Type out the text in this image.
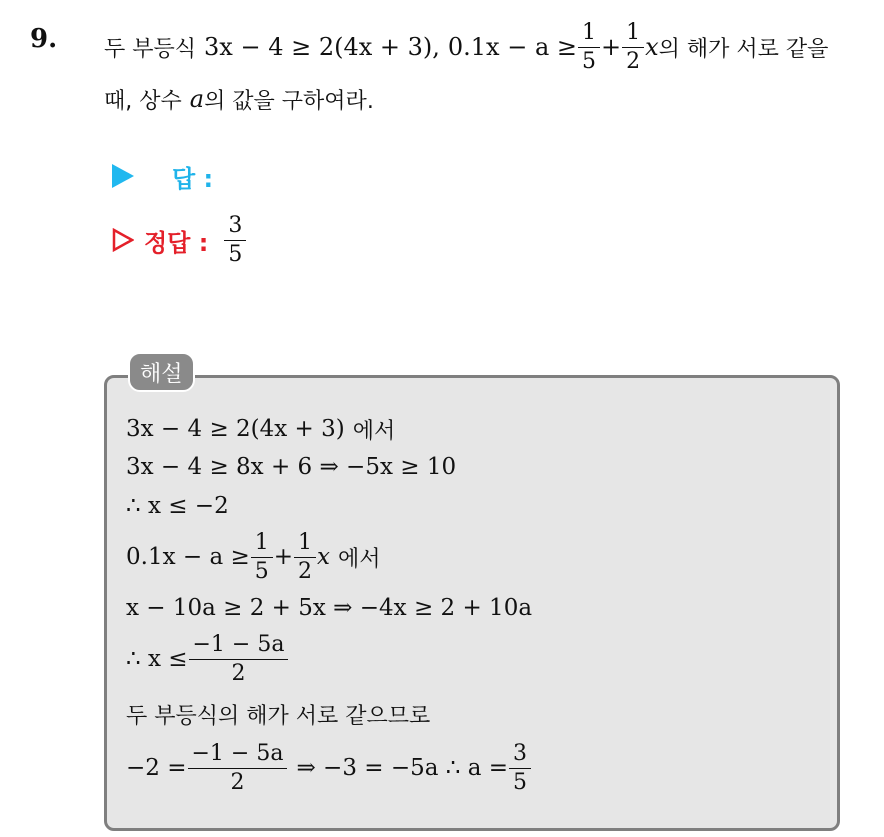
9. 두 부등식 3x − 4 ≥ 2(4x + 3), $0.1x - a \ge \frac{1}{5} + \frac{1}{2}$ x 의 해가 서로 같을
때, 상수 a 의 값을 구하여라.
답 :
정답 : $\frac{3}{5}$
해설
3x − 4 ≥ 2(4x + 3) 에서
3x − 4 ≥ 8x + 6 ⇒ −5x ≥ 10
∴ x ≤ −2
$0.1x - a \ge \frac{1}{5} + \frac{1}{2}$ x 에서
x − 10a ≥ 2 + 5x ⇒ −4x ≥ 2 + 10a
∴ $x \le \frac{-1 - 5a}{2}$
두 부등식의 해가 서로 같으므로
$-2 = \frac{-1 - 5a}{2}$ ⇒ −3 = −5a ∴ $a = \frac{3}{5}$
